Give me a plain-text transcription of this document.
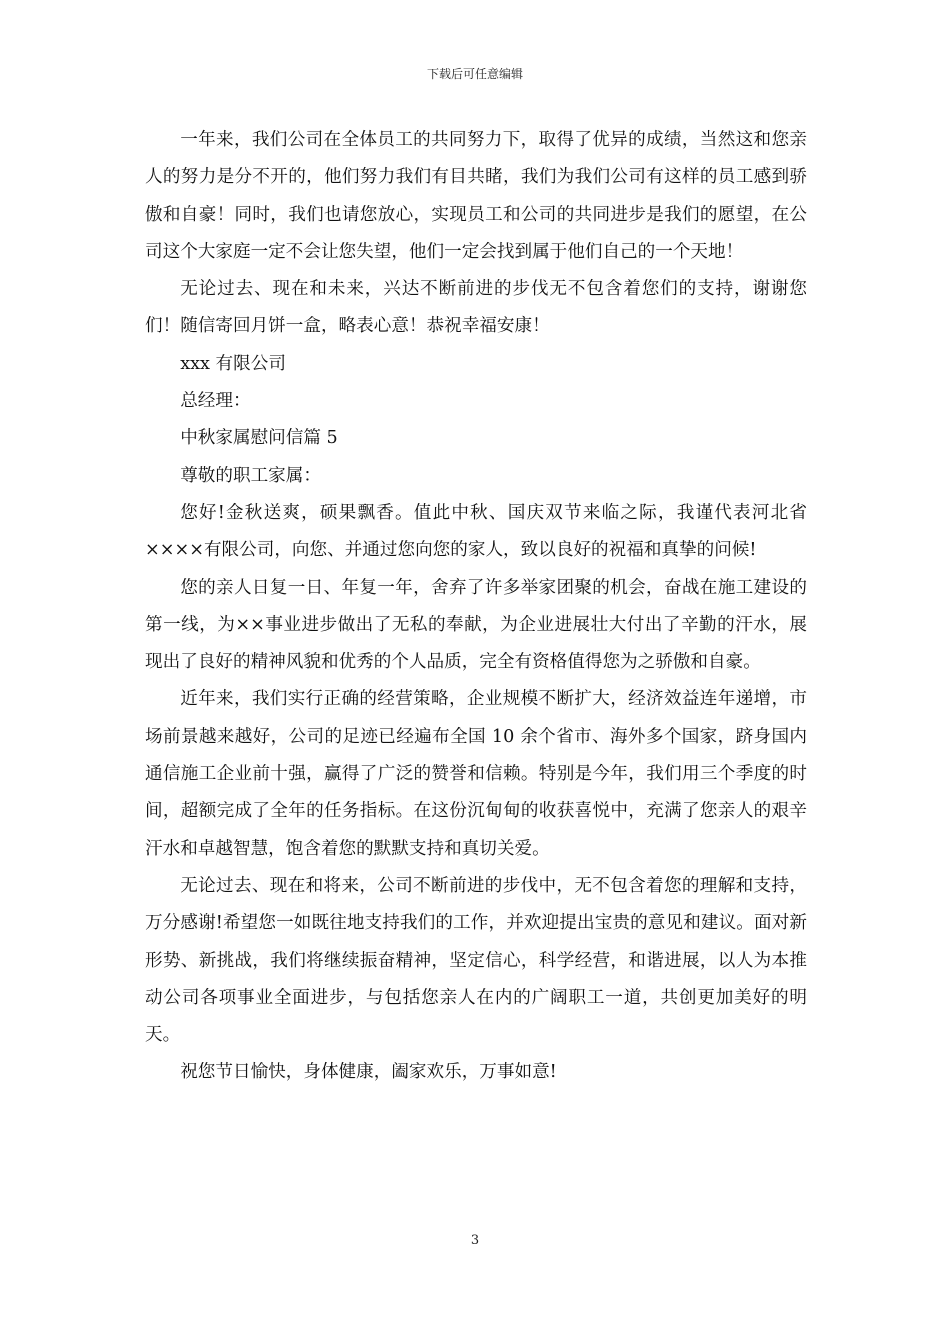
下载后可任意编辑

一年来，我们公司在全体员工的共同努力下，取得了优异的成绩，当然这和您亲人的努力是分不开的，他们努力我们有目共睹，我们为我们公司有这样的员工感到骄傲和自豪！同时，我们也请您放心，实现员工和公司的共同进步是我们的愿望，在公司这个大家庭一定不会让您失望，他们一定会找到属于他们自己的一个天地！

无论过去、现在和未来，兴达不断前进的步伐无不包含着您们的支持，谢谢您们！随信寄回月饼一盒，略表心意！恭祝幸福安康！

xxx 有限公司

总经理：

中秋家属慰问信篇 5

尊敬的职工家属：

您好!金秋送爽，硕果飘香。值此中秋、国庆双节来临之际，我谨代表河北省××××有限公司，向您、并通过您向您的家人，致以良好的祝福和真挚的问候!

您的亲人日复一日、年复一年，舍弃了许多举家团聚的机会，奋战在施工建设的第一线，为××事业进步做出了无私的奉献，为企业进展壮大付出了辛勤的汗水，展现出了良好的精神风貌和优秀的个人品质，完全有资格值得您为之骄傲和自豪。

近年来，我们实行正确的经营策略，企业规模不断扩大，经济效益连年递增，市场前景越来越好，公司的足迹已经遍布全国 10 余个省市、海外多个国家，跻身国内通信施工企业前十强，赢得了广泛的赞誉和信赖。特别是今年，我们用三个季度的时间，超额完成了全年的任务指标。在这份沉甸甸的收获喜悦中，充满了您亲人的艰辛汗水和卓越智慧，饱含着您的默默支持和真切关爱。

无论过去、现在和将来，公司不断前进的步伐中，无不包含着您的理解和支持，万分感谢!希望您一如既往地支持我们的工作，并欢迎提出宝贵的意见和建议。面对新形势、新挑战，我们将继续振奋精神，坚定信心，科学经营，和谐进展，以人为本推动公司各项事业全面进步，与包括您亲人在内的广阔职工一道，共创更加美好的明天。

祝您节日愉快，身体健康，阖家欢乐，万事如意!

3
